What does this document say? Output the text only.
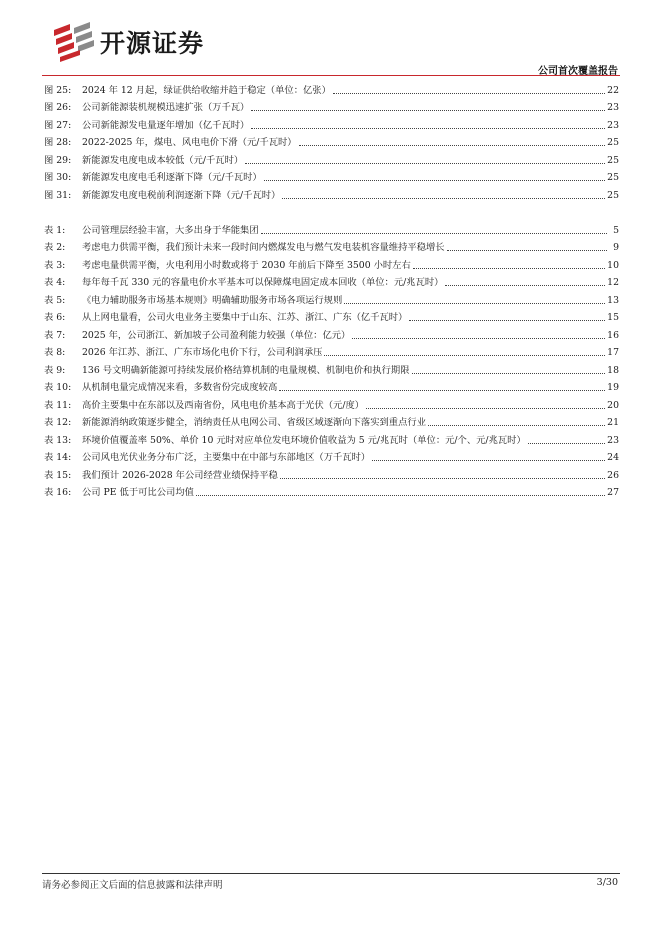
开源证券
公司首次覆盖报告
图 25:	2024 年 12 月起，绿证供给收缩并趋于稳定（单位：亿张）	22
图 26:	公司新能源装机规模迅速扩张（万千瓦）	23
图 27:	公司新能源发电量逐年增加（亿千瓦时）	23
图 28:	2022-2025 年，煤电、风电电价下滑（元/千瓦时）	25
图 29:	新能源发电度电成本较低（元/千瓦时）	25
图 30:	新能源发电度电毛利逐渐下降（元/千瓦时）	25
图 31:	新能源发电度电税前利润逐渐下降（元/千瓦时）	25
表 1:	公司管理层经验丰富，大多出身于华能集团	5
表 2:	考虑电力供需平衡，我们预计未来一段时间内燃煤发电与燃气发电装机容量维持平稳增长	9
表 3:	考虑电量供需平衡，火电利用小时数或将于 2030 年前后下降至 3500 小时左右	10
表 4:	每年每千瓦 330 元的容量电价水平基本可以保障煤电固定成本回收（单位：元/兆瓦时）	12
表 5:	《电力辅助服务市场基本规则》明确辅助服务市场各项运行规则	13
表 6:	从上网电量看，公司火电业务主要集中于山东、江苏、浙江、广东（亿千瓦时）	15
表 7:	2025 年，公司浙江、新加坡子公司盈利能力较强（单位：亿元）	16
表 8:	2026 年江苏、浙江、广东市场化电价下行，公司利润承压	17
表 9:	136 号文明确新能源可持续发展价格结算机制的电量规模、机制电价和执行期限	18
表 10:	从机制电量完成情况来看，多数省份完成度较高	19
表 11:	高价主要集中在东部以及西南省份，风电电价基本高于光伏（元/度）	20
表 12:	新能源消纳政策逐步健全，消纳责任从电网公司、省级区域逐渐向下落实到重点行业	21
表 13:	环境价值覆盖率 50%、单价 10 元时对应单位发电环境价值收益为 5 元/兆瓦时（单位：元/个、元/兆瓦时）	23
表 14:	公司风电光伏业务分布广泛，主要集中在中部与东部地区（万千瓦时）	24
表 15:	我们预计 2026-2028 年公司经营业绩保持平稳	26
表 16:	公司 PE 低于可比公司均值	27
请务必参阅正文后面的信息披露和法律声明	3/30
